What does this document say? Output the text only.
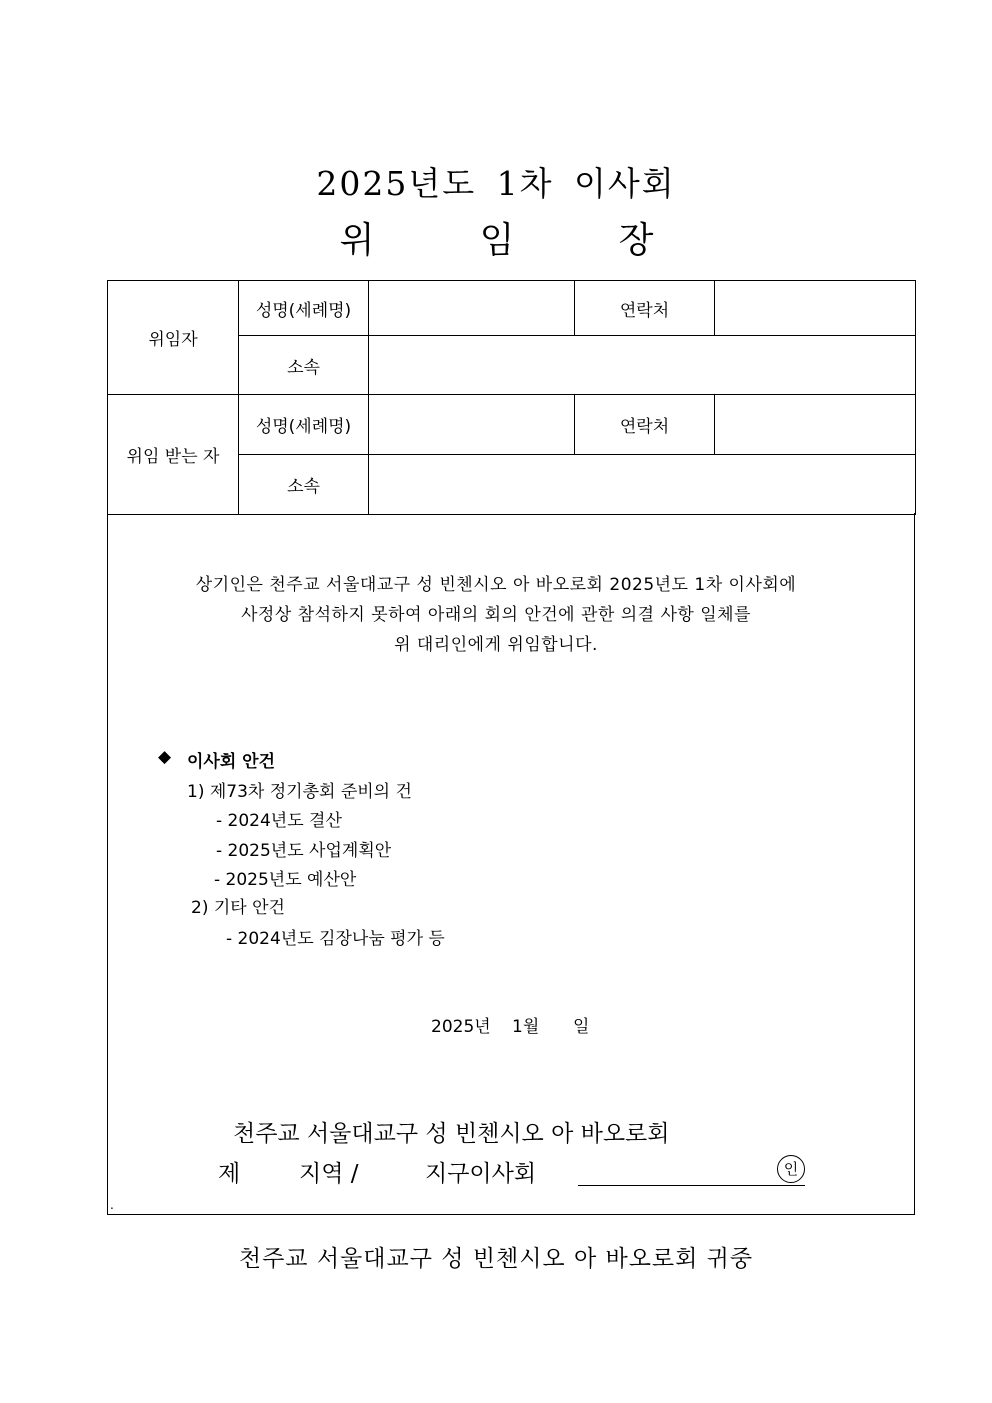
2025년도 1차 이사회
위	임	장
위임자	성명(세례명)		연락처	
	소속			
위임 받는 자	성명(세례명)		연락처	
	소속			
상기인은 천주교 서울대교구 성 빈첸시오 아 바오로회 2025년도 1차 이사회에
사정상 참석하지 못하여 아래의 회의 안건에 관한 의결 사항 일체를
위 대리인에게 위임합니다.
◆ 이사회 안건
1) 제73차 정기총회 준비의 건
- 2024년도 결산
- 2025년도 사업계획안
- 2025년도 예산안
2) 기타 안건
- 2024년도 김장나눔 평가 등
2025년 1월 일
천주교 서울대교구 성 빈첸시오 아 바오로회
제	지역 /	지구이사회	인
.
천주교 서울대교구 성 빈첸시오 아 바오로회 귀중
